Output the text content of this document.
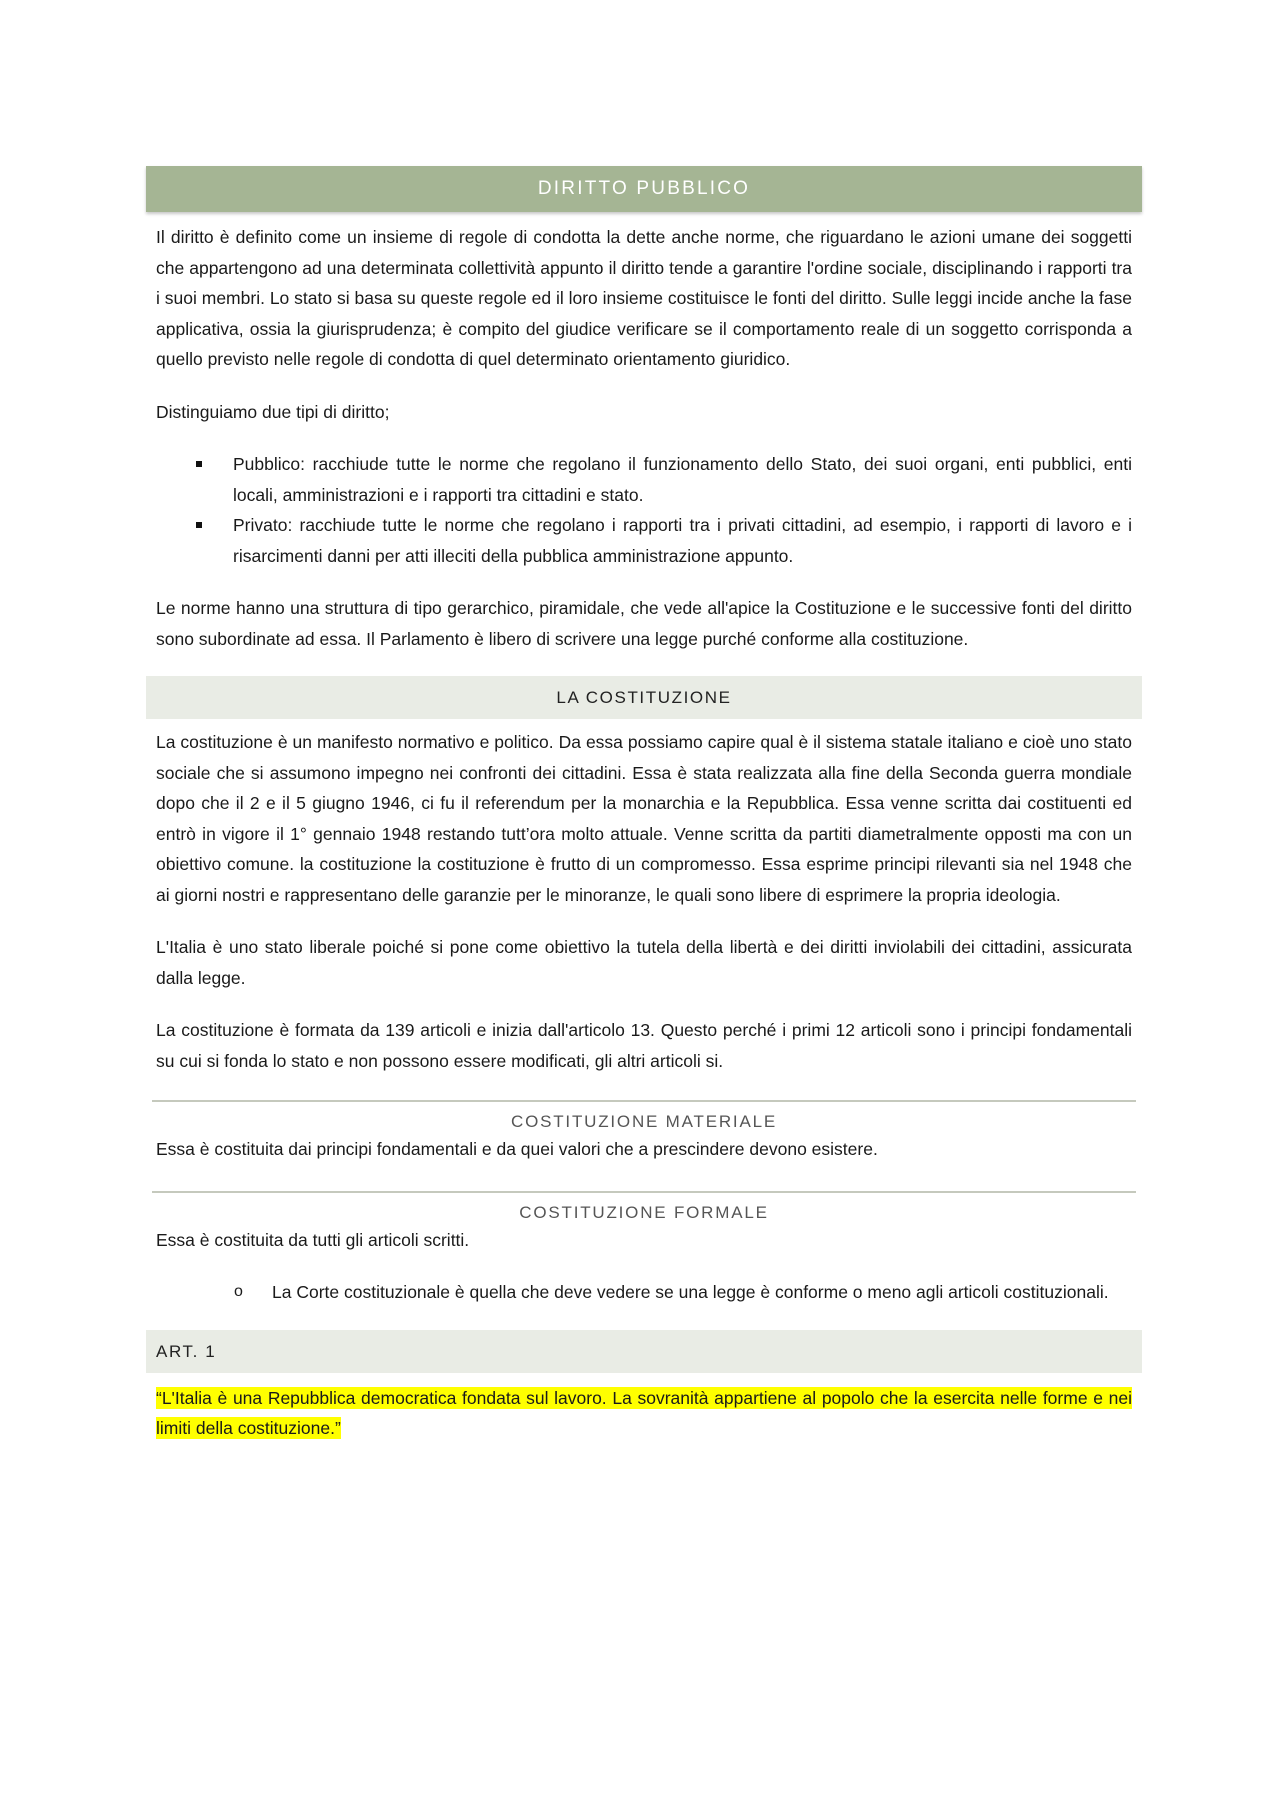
DIRITTO PUBBLICO

Il diritto è definito come un insieme di regole di condotta la dette anche norme, che riguardano le azioni umane dei soggetti che appartengono ad una determinata collettività appunto il diritto tende a garantire l'ordine sociale, disciplinando i rapporti tra i suoi membri. Lo stato si basa su queste regole ed il loro insieme costituisce le fonti del diritto. Sulle leggi incide anche la fase applicativa, ossia la giurisprudenza; è compito del giudice verificare se il comportamento reale di un soggetto corrisponda a quello previsto nelle regole di condotta di quel determinato orientamento giuridico.

Distinguiamo due tipi di diritto;

Pubblico: racchiude tutte le norme che regolano il funzionamento dello Stato, dei suoi organi, enti pubblici, enti locali, amministrazioni e i rapporti tra cittadini e stato.
Privato: racchiude tutte le norme che regolano i rapporti tra i privati cittadini, ad esempio, i rapporti di lavoro e i risarcimenti danni per atti illeciti della pubblica amministrazione appunto.

Le norme hanno una struttura di tipo gerarchico, piramidale, che vede all'apice la Costituzione e le successive fonti del diritto sono subordinate ad essa. Il Parlamento è libero di scrivere una legge purché conforme alla costituzione.

LA COSTITUZIONE

La costituzione è un manifesto normativo e politico. Da essa possiamo capire qual è il sistema statale italiano e cioè uno stato sociale che si assumono impegno nei confronti dei cittadini. Essa è stata realizzata alla fine della Seconda guerra mondiale dopo che il 2 e il 5 giugno 1946, ci fu il referendum per la monarchia e la Repubblica. Essa venne scritta dai costituenti ed entrò in vigore il 1° gennaio 1948 restando tutt’ora molto attuale. Venne scritta da partiti diametralmente opposti ma con un obiettivo comune. la costituzione la costituzione è frutto di un compromesso. Essa esprime principi rilevanti sia nel 1948 che ai giorni nostri e rappresentano delle garanzie per le minoranze, le quali sono libere di esprimere la propria ideologia.

L'Italia è uno stato liberale poiché si pone come obiettivo la tutela della libertà e dei diritti inviolabili dei cittadini, assicurata dalla legge.

La costituzione è formata da 139 articoli e inizia dall'articolo 13. Questo perché i primi 12 articoli sono i principi fondamentali su cui si fonda lo stato e non possono essere modificati, gli altri articoli si.

COSTITUZIONE MATERIALE

Essa è costituita dai principi fondamentali e da quei valori che a prescindere devono esistere.

COSTITUZIONE FORMALE

Essa è costituita da tutti gli articoli scritti.

o La Corte costituzionale è quella che deve vedere se una legge è conforme o meno agli articoli costituzionali.
ART. 1

“L'Italia è una Repubblica democratica fondata sul lavoro. La sovranità appartiene al popolo che la esercita nelle forme e nei limiti della costituzione.”
